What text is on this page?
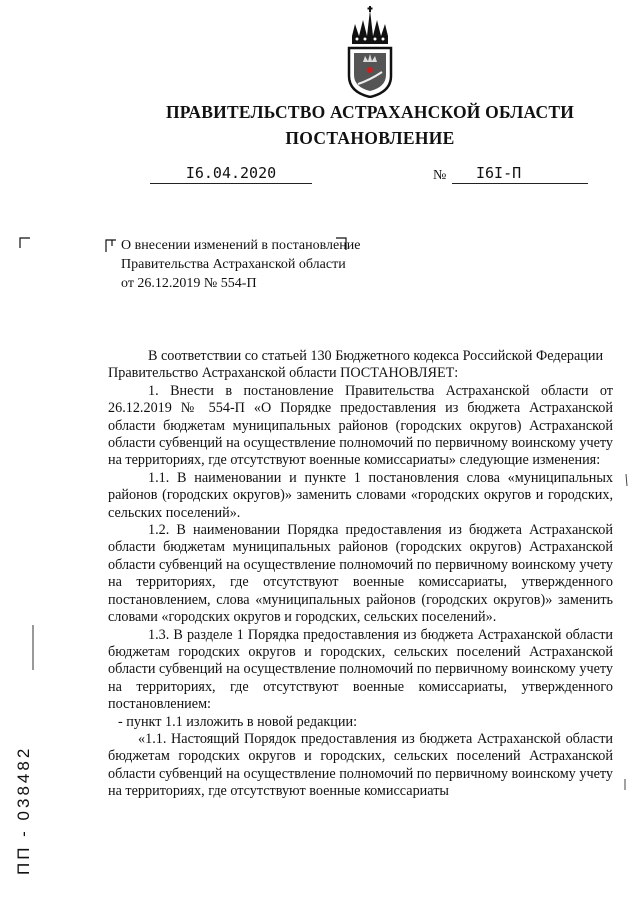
ПРАВИТЕЛЬСТВО АСТРАХАНСКОЙ ОБЛАСТИ
ПОСТАНОВЛЕНИЕ
I6.04.2020	№	I6I-П
О внесении изменений в постановление Правительства Астраханской области от 26.12.2019 № 554-П

В соответствии со статьей 130 Бюджетного кодекса Российской Федерации

Правительство Астраханской области ПОСТАНОВЛЯЕТ:

1. Внести в постановление Правительства Астраханской области от 26.12.2019 № 554-П «О Порядке предоставления из бюджета Астраханской области бюджетам муниципальных районов (городских округов) Астраханской области субвенций на осуществление полномочий по первичному воинскому учету на территориях, где отсутствуют военные комиссариаты» следующие изменения:

1.1. В наименовании и пункте 1 постановления слова «муниципальных районов (городских округов)» заменить словами «городских округов и городских, сельских поселений».

1.2. В наименовании Порядка предоставления из бюджета Астраханской области бюджетам муниципальных районов (городских округов) Астраханской области субвенций на осуществление полномочий по первичному воинскому учету на территориях, где отсутствуют военные комиссариаты, утвержденного постановлением, слова «муниципальных районов (городских округов)» заменить словами «городских округов и городских, сельских поселений».

1.3. В разделе 1 Порядка предоставления из бюджета Астраханской области бюджетам городских округов и городских, сельских поселений Астраханской области субвенций на осуществление полномочий по первичному воинскому учету на территориях, где отсутствуют военные комиссариаты, утвержденного постановлением:

- пункт 1.1 изложить в новой редакции:

«1.1. Настоящий Порядок предоставления из бюджета Астраханской области бюджетам городских округов и городских, сельских поселений Астраханской области субвенций на осуществление полномочий по первичному воинскому учету на территориях, где отсутствуют военные комиссариаты

ПП - 038482
